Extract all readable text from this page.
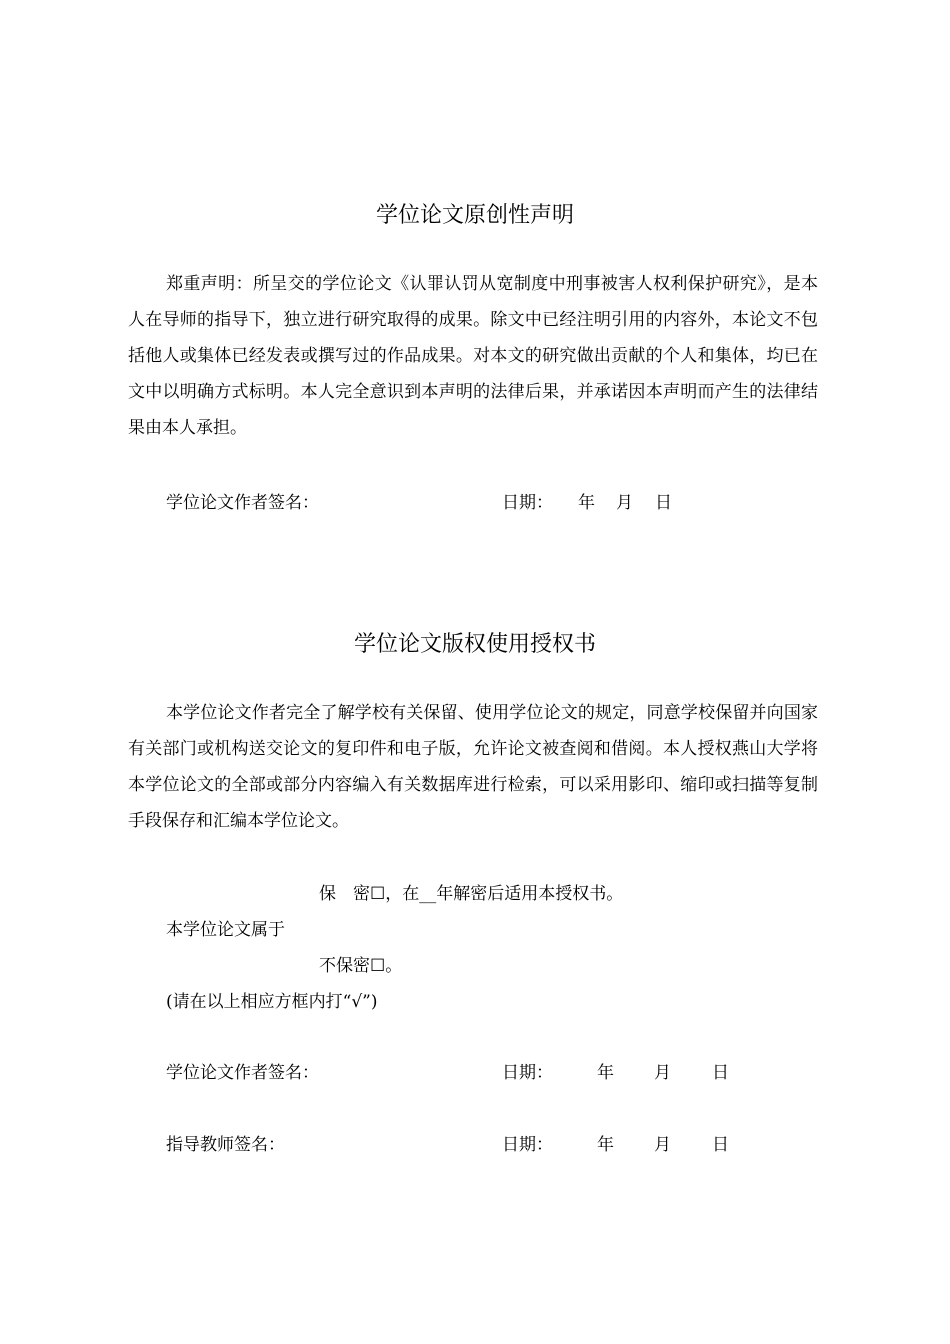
学位论文原创性声明
郑重声明：所呈交的学位论文《认罪认罚从宽制度中刑事被害人权利保护研究》，是本人在导师的指导下，独立进行研究取得的成果。除文中已经注明引用的内容外，本论文不包括他人或集体已经发表或撰写过的作品成果。对本文的研究做出贡献的个人和集体，均已在文中以明确方式标明。本人完全意识到本声明的法律后果，并承诺因本声明而产生的法律结果由本人承担。
学位论文作者签名：	日期： 年 月 日
学位论文版权使用授权书
本学位论文作者完全了解学校有关保留、使用学位论文的规定，同意学校保留并向国家有关部门或机构送交论文的复印件和电子版，允许论文被查阅和借阅。本人授权燕山大学将本学位论文的全部或部分内容编入有关数据库进行检索，可以采用影印、缩印或扫描等复制手段保存和汇编本学位论文。
保　密☐，在__年解密后适用本授权书。
本学位论文属于
不保密☐。
(请在以上相应方框内打“√”)
学位论文作者签名：	日期：	年 月 日
指导教师签名：	日期：	年 月 日
